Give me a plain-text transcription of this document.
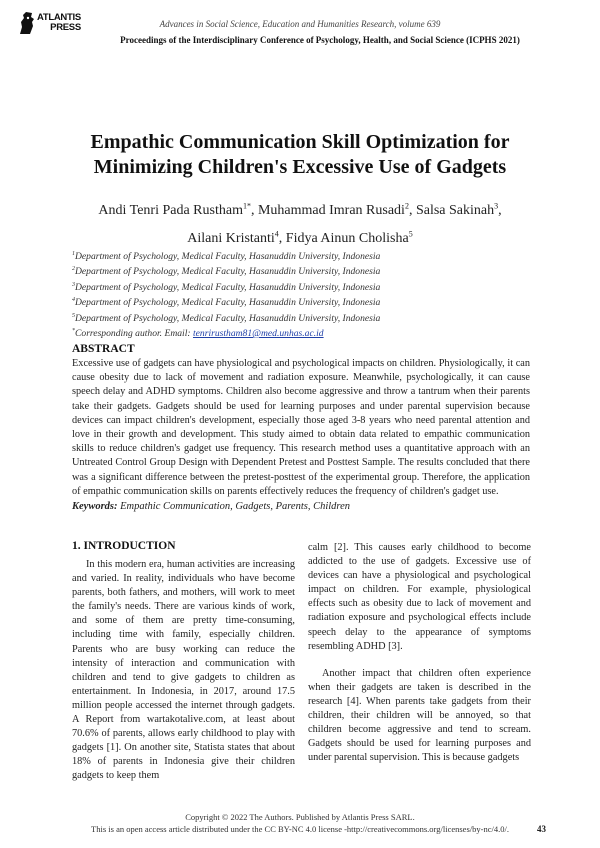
ATLANTIS
PRESS	Advances in Social Science, Education and Humanities Research, volume 639
Proceedings of the Interdisciplinary Conference of Psychology, Health, and Social Science (ICPHS 2021)
Empathic Communication Skill Optimization for
Minimizing Children's Excessive Use of Gadgets
Andi Tenri Pada Rustham$^{1*}$, Muhammad Imran Rusadi$^2$, Salsa Sakinah$^3$,
Ailani Kristanti$^4$, Fidya Ainun Cholisha$^5$
$^1$Department of Psychology, Medical Faculty, Hasanuddin University, Indonesia
$^2$Department of Psychology, Medical Faculty, Hasanuddin University, Indonesia
$^3$Department of Psychology, Medical Faculty, Hasanuddin University, Indonesia
$^4$Department of Psychology, Medical Faculty, Hasanuddin University, Indonesia
$^5$Department of Psychology, Medical Faculty, Hasanuddin University, Indonesia
*Corresponding author. Email: tenrirustham81@med.unhas.ac.id
ABSTRACT
Excessive use of gadgets can have physiological and psychological impacts on children. Physiologically, it can cause obesity due to lack of movement and radiation exposure. Meanwhile, psychologically, it can cause speech delay and ADHD symptoms. Children also become aggressive and throw a tantrum when their parents take their gadgets. Gadgets should be used for learning purposes and under parental supervision because devices can impact children's development, especially those aged 3-8 years who need parental attention and love in their growth and development. This study aimed to obtain data related to empathic communication skills to reduce children's gadget use frequency. This research method uses a quantitative approach with an Untreated Control Group Design with Dependent Pretest and Posttest Sample. The results concluded that there was a significant difference between the pretest-posttest of the experimental group. Therefore, the application of empathic communication skills on parents effectively reduces the frequency of children's gadget use.
Keywords: Empathic Communication, Gadgets, Parents, Children
1. INTRODUCTION

In this modern era, human activities are increasing and varied. In reality, individuals who have become parents, both fathers, and mothers, will work to meet the family's needs. There are various kinds of work, and some of them are pretty time-consuming, including time with family, especially children. Parents who are busy working can reduce the intensity of interaction and communication with children and tend to give gadgets to children as entertainment. In Indonesia, in 2017, around 17.5 million people accessed the internet through gadgets. A Report from wartakotalive.com, at least about 70.6% of parents, allows early childhood to play with gadgets [1]. On another site, Statista states that about 18% of parents in Indonesia give their children gadgets to keep them

calm [2]. This causes early childhood to become addicted to the use of gadgets. Excessive use of devices can have a physiological and psychological impact on children. For example, physiological effects such as obesity due to lack of movement and radiation exposure and psychological effects include speech delay to the appearance of symptoms resembling ADHD [3].

Another impact that children often experience when their gadgets are taken is described in the research [4]. When parents take gadgets from their children, their children will be annoyed, so that children become aggressive and tend to scream. Gadgets should be used for learning purposes and under parental supervision. This is because gadgets

Copyright © 2022 The Authors. Published by Atlantis Press SARL.
This is an open access article distributed under the CC BY-NC 4.0 license -http://creativecommons.org/licenses/by-nc/4.0/.	43
